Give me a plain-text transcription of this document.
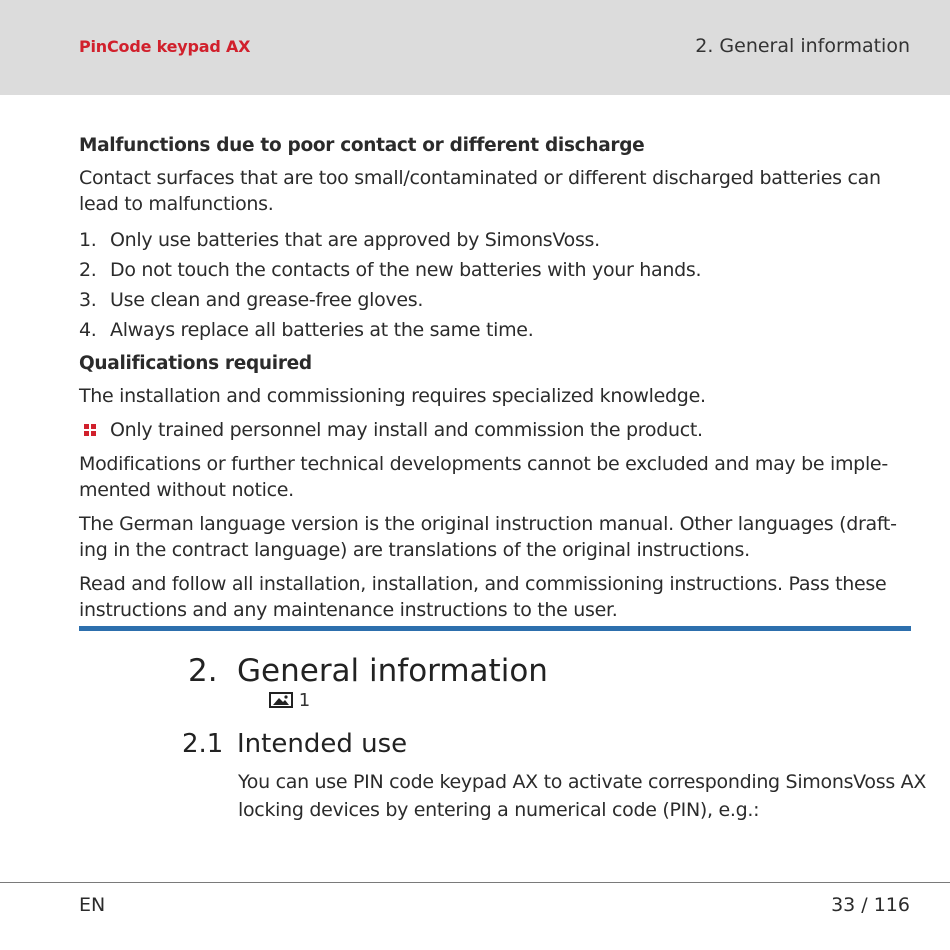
PinCode keypad AX	2. General information
Malfunctions due to poor contact or different discharge

Contact surfaces that are too small/contaminated or different discharged batteries can lead to malfunctions.

1. Only use batteries that are approved by SimonsVoss.
2. Do not touch the contacts of the new batteries with your hands.
3. Use clean and grease-free gloves.
4. Always replace all batteries at the same time.
Qualifications required

The installation and commissioning requires specialized knowledge.

Only trained personnel may install and commission the product.

Modifications or further technical developments cannot be excluded and may be imple-mented without notice.

The German language version is the original instruction manual. Other languages (draft-ing in the contract language) are translations of the original instructions.

Read and follow all installation, installation, and commissioning instructions. Pass these instructions and any maintenance instructions to the user.

2. General information
1
2.1 Intended use
You can use PIN code keypad AX to activate corresponding SimonsVoss AX locking devices by entering a numerical code (PIN), e.g.:
EN	33 / 116
